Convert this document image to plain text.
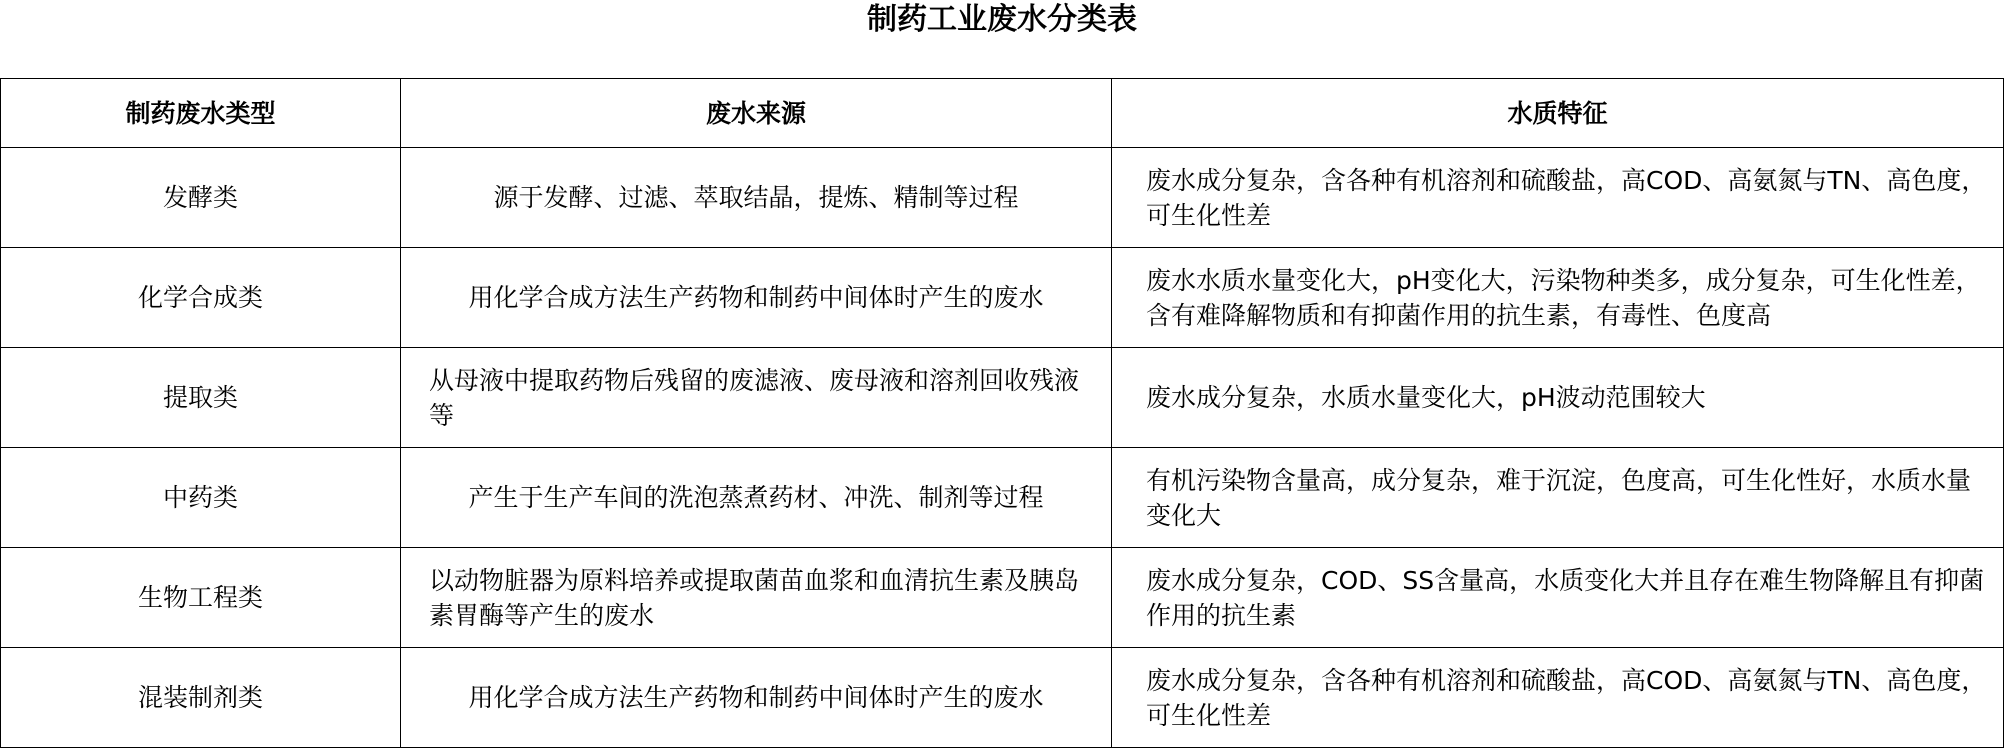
制药工业废水分类表
制药废水类型	废水来源	水质特征
发酵类	源于发酵、过滤、萃取结晶，提炼、精制等过程	废水成分复杂，含各种有机溶剂和硫酸盐，高COD、高氨氮与TN、高色度，可生化性差
化学合成类	用化学合成方法生产药物和制药中间体时产生的废水	废水水质水量变化大，pH变化大，污染物种类多，成分复杂，可生化性差，含有难降解物质和有抑菌作用的抗生素，有毒性、色度高
提取类	从母液中提取药物后残留的废滤液、废母液和溶剂回收残液等	废水成分复杂，水质水量变化大，pH波动范围较大
中药类	产生于生产车间的洗泡蒸煮药材、冲洗、制剂等过程	有机污染物含量高，成分复杂，难于沉淀，色度高，可生化性好，水质水量变化大
生物工程类	以动物脏器为原料培养或提取菌苗血浆和血清抗生素及胰岛素胃酶等产生的废水	废水成分复杂，COD、SS含量高，水质变化大并且存在难生物降解且有抑菌作用的抗生素
混装制剂类	用化学合成方法生产药物和制药中间体时产生的废水	废水成分复杂，含各种有机溶剂和硫酸盐，高COD、高氨氮与TN、高色度，可生化性差
